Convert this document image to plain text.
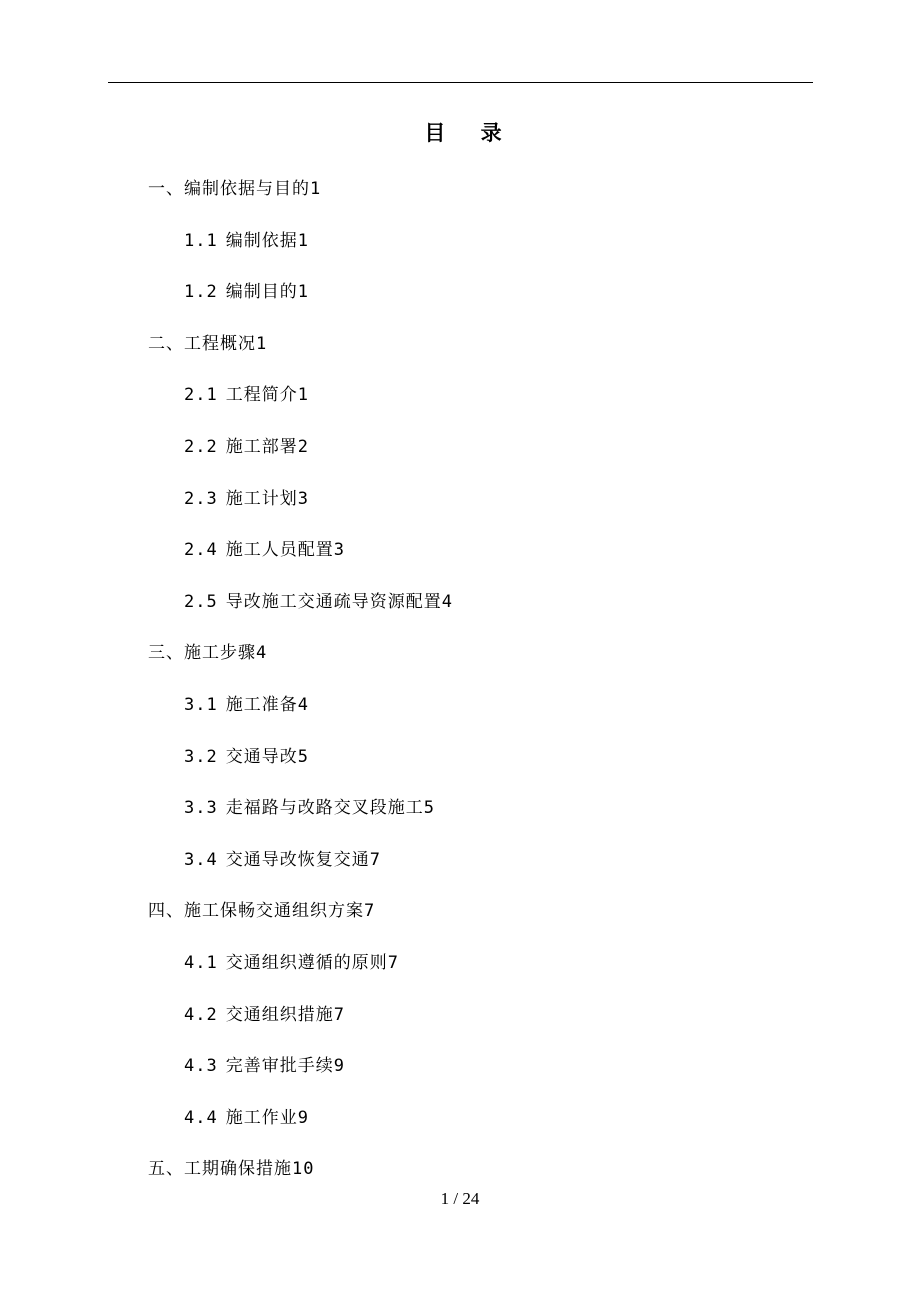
目 录
一、编制依据与目的1
1.1 编制依据1
1.2 编制目的1
二、工程概况1
2.1 工程简介1
2.2 施工部署2
2.3 施工计划3
2.4 施工人员配置3
2.5 导改施工交通疏导资源配置4
三、施工步骤4
3.1 施工准备4
3.2 交通导改5
3.3 走福路与改路交叉段施工5
3.4 交通导改恢复交通7
四、施工保畅交通组织方案7
4.1 交通组织遵循的原则7
4.2 交通组织措施7
4.3 完善审批手续9
4.4 施工作业9
五、工期确保措施10
1 / 24
